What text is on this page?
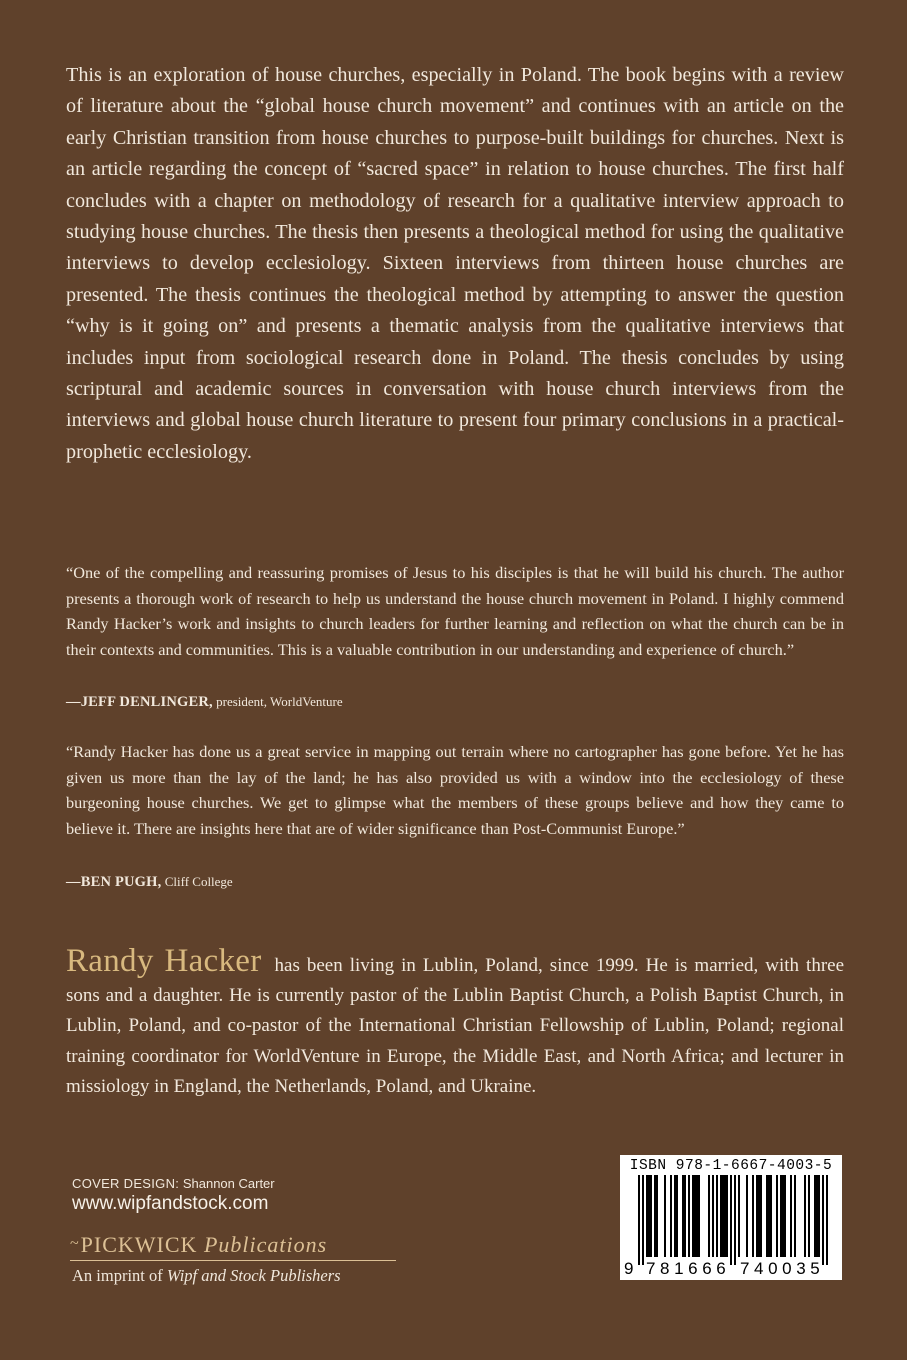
This is an exploration of house churches, especially in Poland. The book begins with a review of literature about the “global house church movement” and continues with an article on the early Christian transition from house churches to purpose-built buildings for churches. Next is an article regarding the concept of “sacred space” in relation to house churches. The first half concludes with a chapter on methodology of research for a qualitative interview approach to studying house churches. The thesis then presents a theological method for using the qualitative interviews to develop ecclesiology. Sixteen interviews from thirteen house churches are presented. The thesis continues the theological method by attempting to answer the question “why is it going on” and presents a thematic analysis from the qualitative interviews that includes input from sociological research done in Poland. The thesis concludes by using scriptural and academic sources in conversation with house church interviews from the interviews and global house church literature to present four primary conclusions in a practical-prophetic ecclesiology.

“One of the compelling and reassuring promises of Jesus to his disciples is that he will build his church. The author presents a thorough work of research to help us understand the house church movement in Poland. I highly commend Randy Hacker’s work and insights to church leaders for further learning and reflection on what the church can be in their contexts and communities. This is a valuable contribution in our understanding and experience of church.”

—JEFF DENLINGER, president, WorldVenture

“Randy Hacker has done us a great service in mapping out terrain where no cartographer has gone before. Yet he has given us more than the lay of the land; he has also provided us with a window into the ecclesiology of these burgeoning house churches. We get to glimpse what the members of these groups believe and how they came to believe it. There are insights here that are of wider significance than Post-Communist Europe.”

—BEN PUGH, Cliff College

Randy Hacker has been living in Lublin, Poland, since 1999. He is married, with three sons and a daughter. He is currently pastor of the Lublin Baptist Church, a Polish Baptist Church, in Lublin, Poland, and co-pastor of the International Christian Fellowship of Lublin, Poland; regional training coordinator for WorldVenture in Europe, the Middle East, and North Africa; and lecturer in missiology in England, the Netherlands, Poland, and Ukraine.

COVER DESIGN: Shannon Carter
www.wipfandstock.com
~PICKWICK Publications
An imprint of Wipf and Stock Publishers
ISBN 978-1-6667-4003-5
9 781666 740035
